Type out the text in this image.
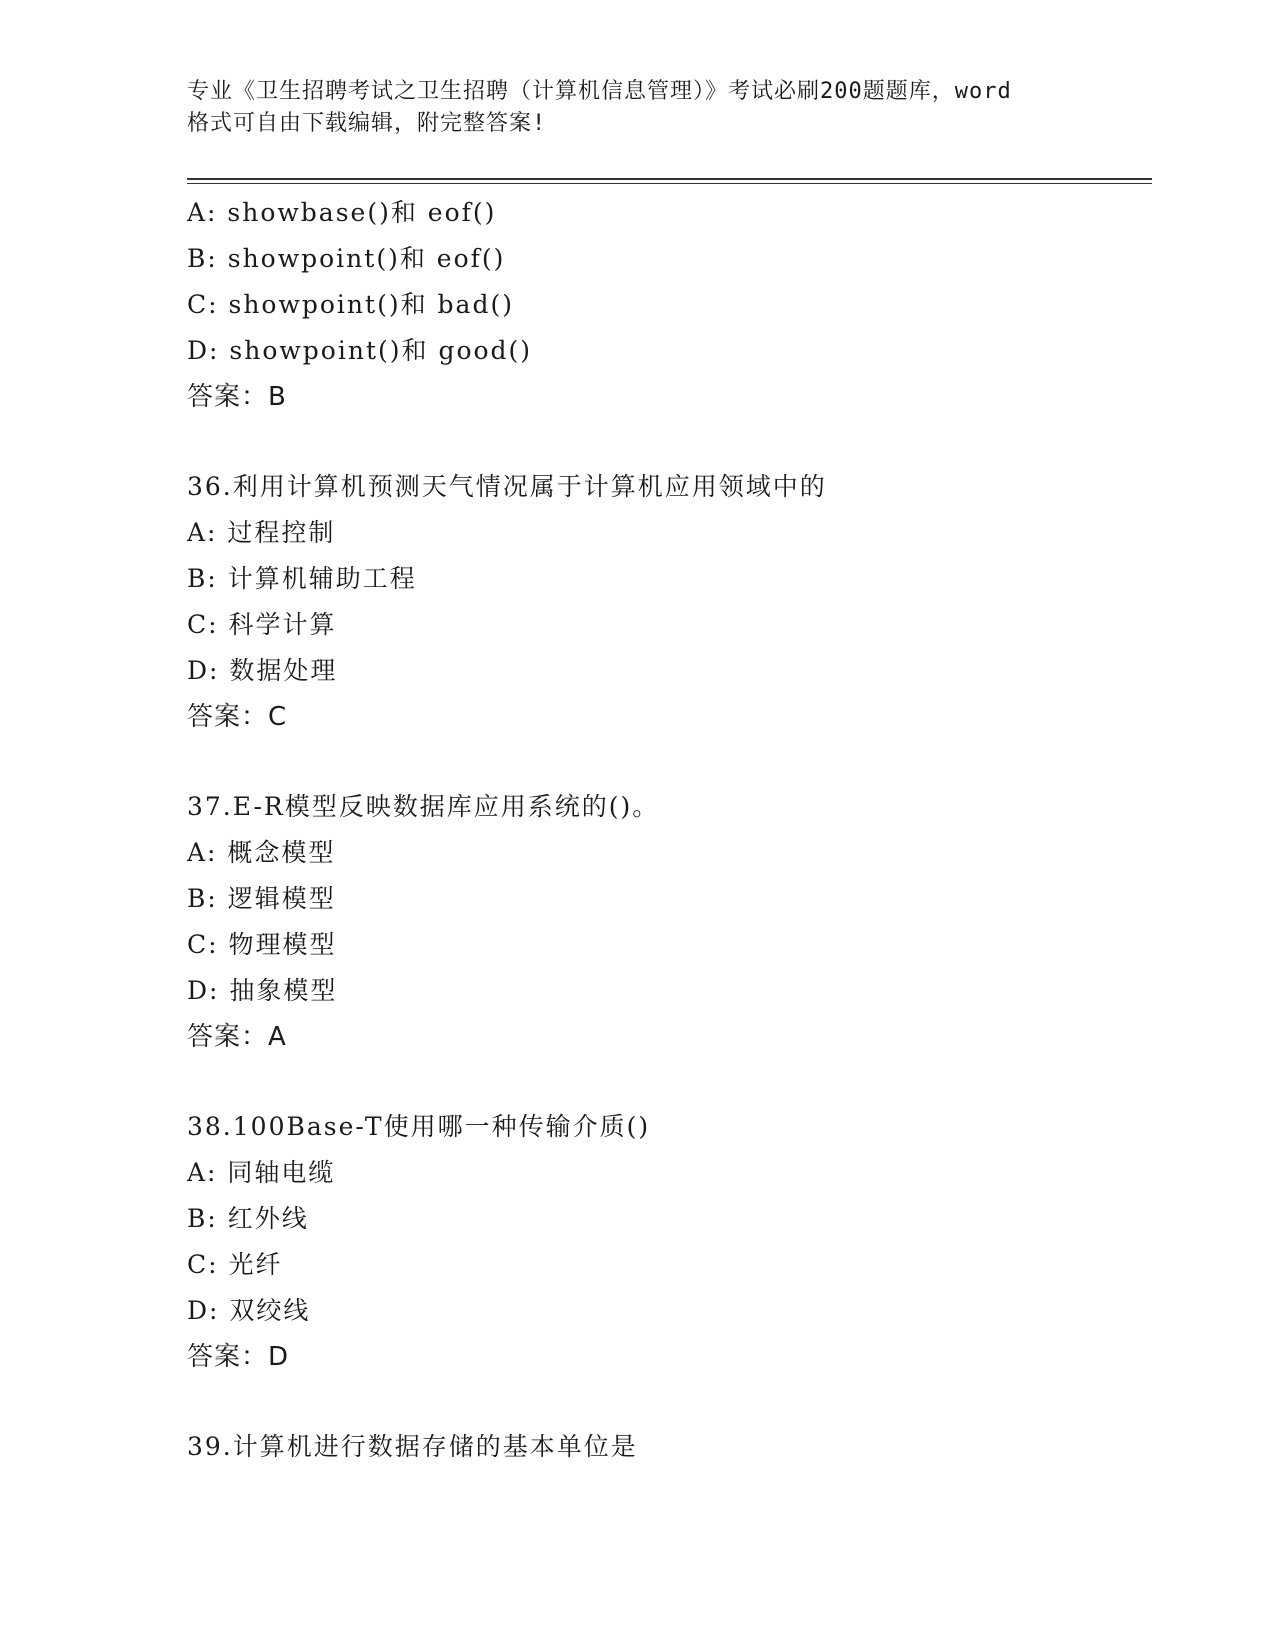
专业《卫生招聘考试之卫生招聘（计算机信息管理）》考试必刷200题题库，word
格式可自由下载编辑，附完整答案!
A: showbase()和 eof()
B: showpoint()和 eof()
C: showpoint()和 bad()
D: showpoint()和 good()
答案：B
36.利用计算机预测天气情况属于计算机应用领域中的
A: 过程控制
B: 计算机辅助工程
C: 科学计算
D: 数据处理
答案：C
37.E-R模型反映数据库应用系统的()。
A: 概念模型
B: 逻辑模型
C: 物理模型
D: 抽象模型
答案：A
38.100Base-T使用哪一种传输介质()
A: 同轴电缆
B: 红外线
C: 光纤
D: 双绞线
答案：D
39.计算机进行数据存储的基本单位是
